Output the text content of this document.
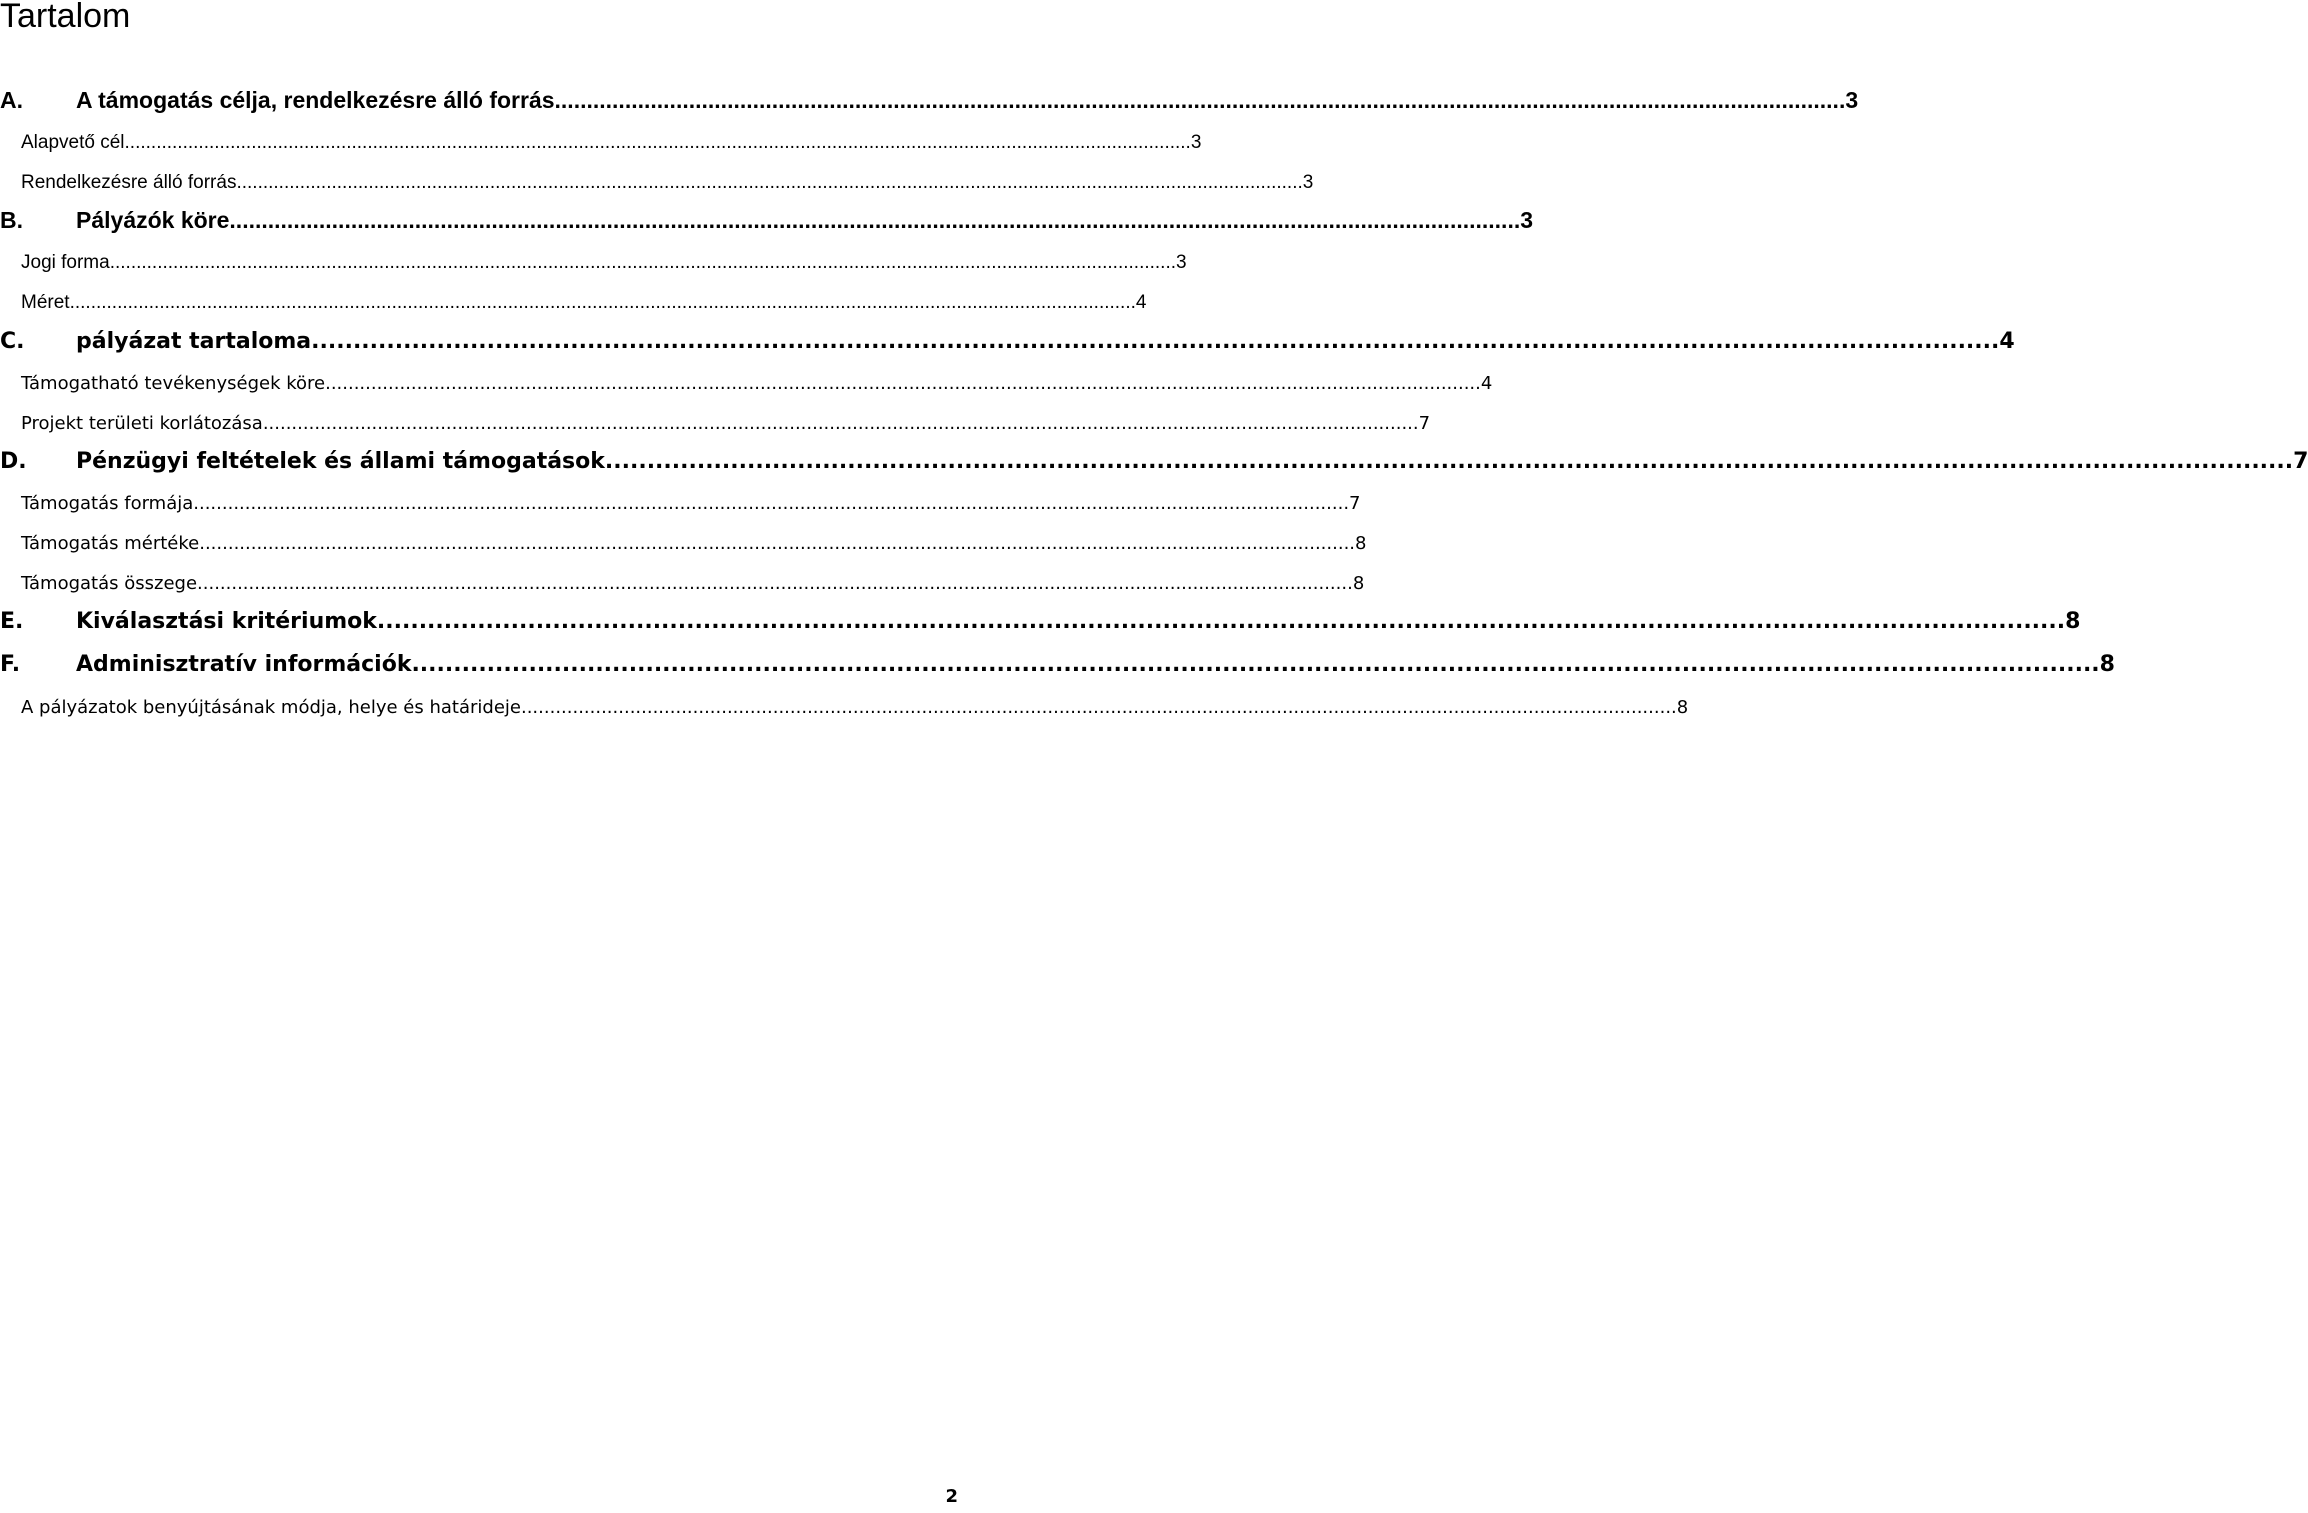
Tartalom
A.	A támogatás célja, rendelkezésre álló forrás .......................................................................................................................................................................................................... 3
Alapvető cél .......................................................................................................................................................................................................... 3
Rendelkezésre álló forrás .......................................................................................................................................................................................................... 3
B.	Pályázók köre .......................................................................................................................................................................................................... 3
Jogi forma .......................................................................................................................................................................................................... 3
Méret .......................................................................................................................................................................................................... 4
C.	pályázat tartaloma .......................................................................................................................................................................................................... 4
Támogatható tevékenységek köre .......................................................................................................................................................................................................... 4
Projekt területi korlátozása .......................................................................................................................................................................................................... 7
D.	Pénzügyi feltételek és állami támogatások .......................................................................................................................................................................................................... 7
Támogatás formája .......................................................................................................................................................................................................... 7
Támogatás mértéke .......................................................................................................................................................................................................... 8
Támogatás összege .......................................................................................................................................................................................................... 8
E.	Kiválasztási kritériumok .......................................................................................................................................................................................................... 8
F.	Adminisztratív információk .......................................................................................................................................................................................................... 8
A pályázatok benyújtásának módja, helye és határideje .......................................................................................................................................................................................................... 8
2
